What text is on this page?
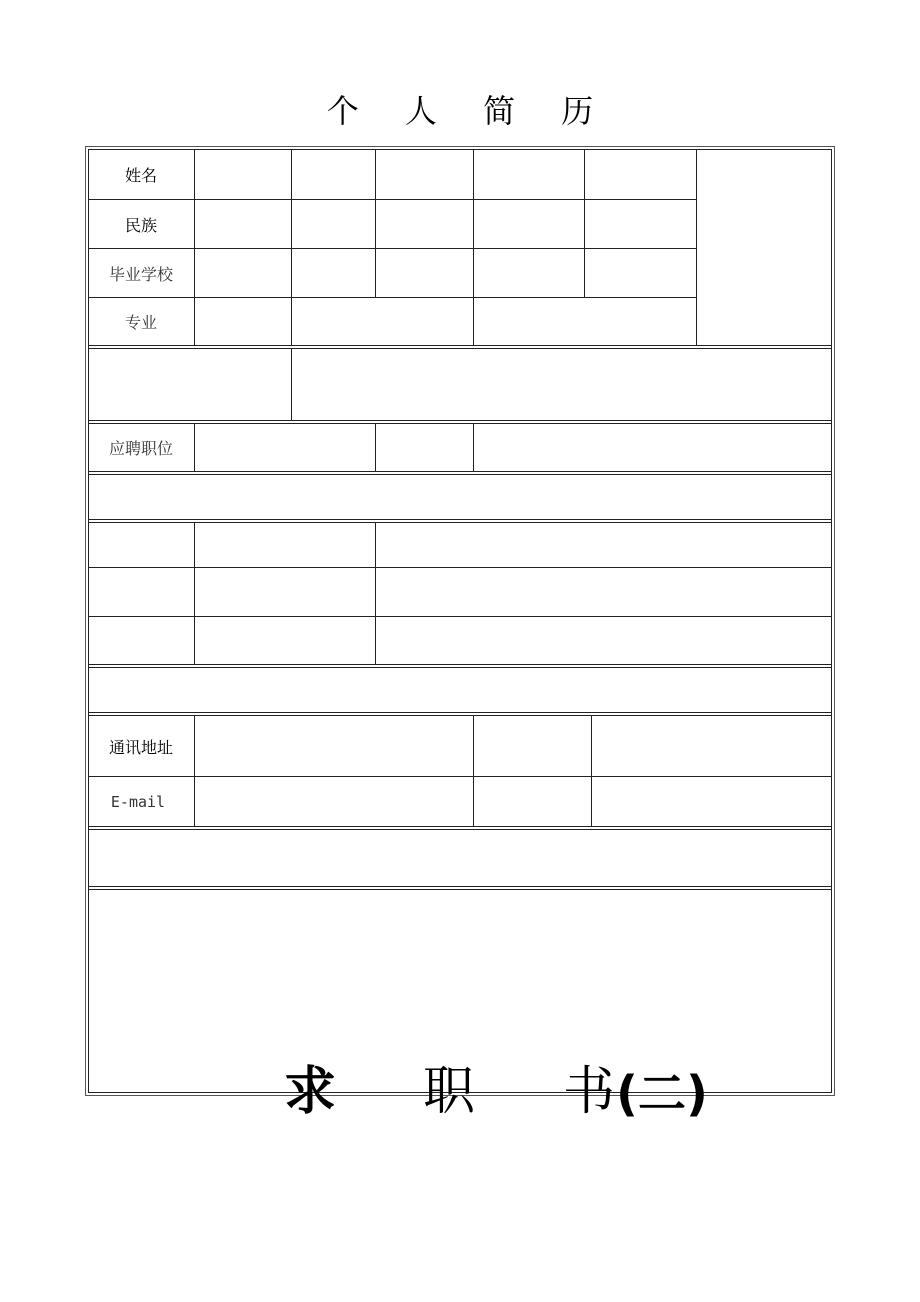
个 人 简 历
姓名
民族
毕业学校
专业
应聘职位
通讯地址
E-mail
求 职 书 (二)
